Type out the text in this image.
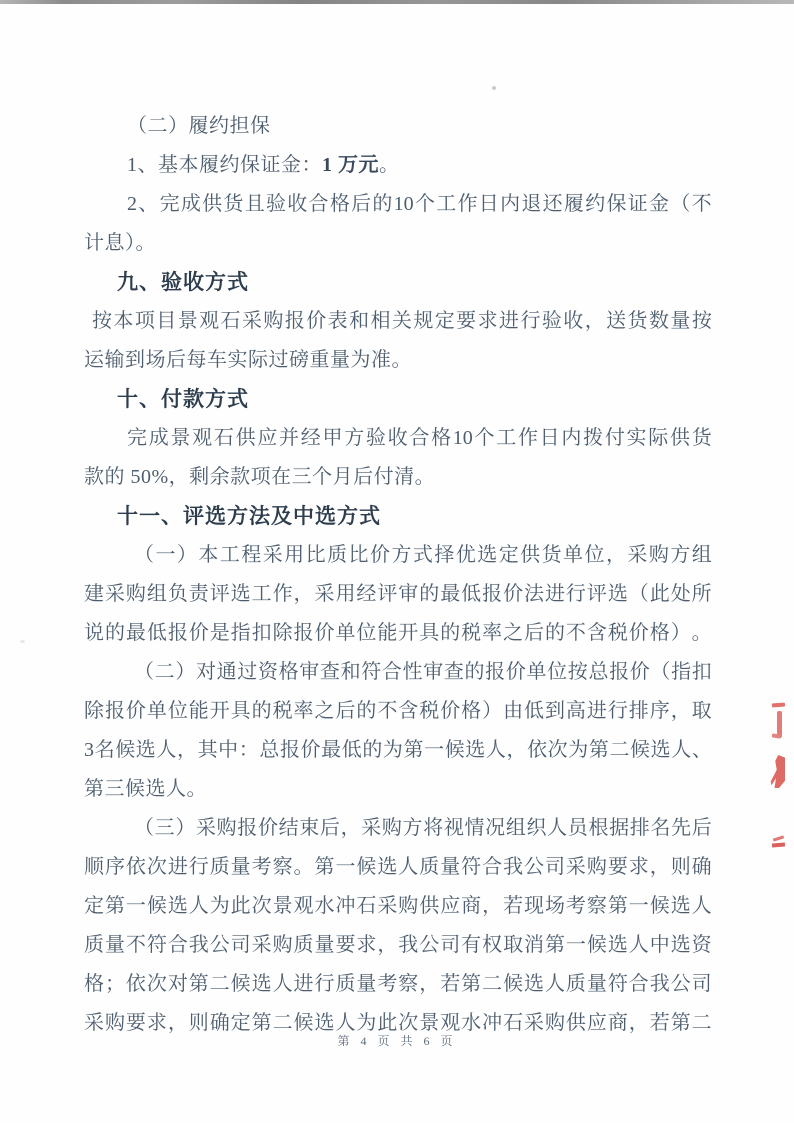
（二）履约担保
1、基本履约保证金：1 万元。
2 、 完 成 供 货 且 验 收 合 格 后 的 10 个 工 作 日 内 退 还 履 约 保 证 金 （ 不
计息）。
九、验收方式
按 本 项 目 景 观 石 采 购 报 价 表 和 相 关 规 定 要 求 进 行 验 收 ， 送 货 数 量 按
运输到场后每车实际过磅重量为准。
十、付款方式
完 成 景 观 石 供 应 并 经 甲 方 验 收 合 格 10 个 工 作 日 内 拨 付 实 际 供 货
款的 50%，剩余款项在三个月后付清。
十一、评选方法及中选方式
（ 一 ） 本 工 程 采 用 比 质 比 价 方 式 择 优 选 定 供 货 单 位 ， 采 购 方 组
建 采 购 组 负 责 评 选 工 作 ， 采 用 经 评 审 的 最 低 报 价 法 进 行 评 选 （ 此 处 所
说 的 最 低 报 价 是 指 扣 除 报 价 单 位 能 开 具 的 税 率 之 后 的 不 含 税 价 格 ） 。
（ 二 ） 对 通 过 资 格 审 查 和 符 合 性 审 查 的 报 价 单 位 按 总 报 价 （ 指 扣
除 报 价 单 位 能 开 具 的 税 率 之 后 的 不 含 税 价 格 ） 由 低 到 高 进 行 排 序 ， 取
3 名 候 选 人 ， 其 中 ： 总 报 价 最 低 的 为 第 一 候 选 人 ， 依 次 为 第 二 候 选 人 、
第三候选人。
（ 三 ） 采 购 报 价 结 束 后 ， 采 购 方 将 视 情 况 组 织 人 员 根 据 排 名 先 后
顺 序 依 次 进 行 质 量 考 察 。 第 一 候 选 人 质 量 符 合 我 公 司 采 购 要 求 ， 则 确
定 第 一 候 选 人 为 此 次 景 观 水 冲 石 采 购 供 应 商 ， 若 现 场 考 察 第 一 候 选 人
质 量 不 符 合 我 公 司 采 购 质 量 要 求 ， 我 公 司 有 权 取 消 第 一 候 选 人 中 选 资
格 ； 依 次 对 第 二 候 选 人 进 行 质 量 考 察 ， 若 第 二 候 选 人 质 量 符 合 我 公 司
采 购 要 求 ， 则 确 定 第 二 候 选 人 为 此 次 景 观 水 冲 石 采 购 供 应 商 ， 若 第 二
第 4 页 共 6 页
